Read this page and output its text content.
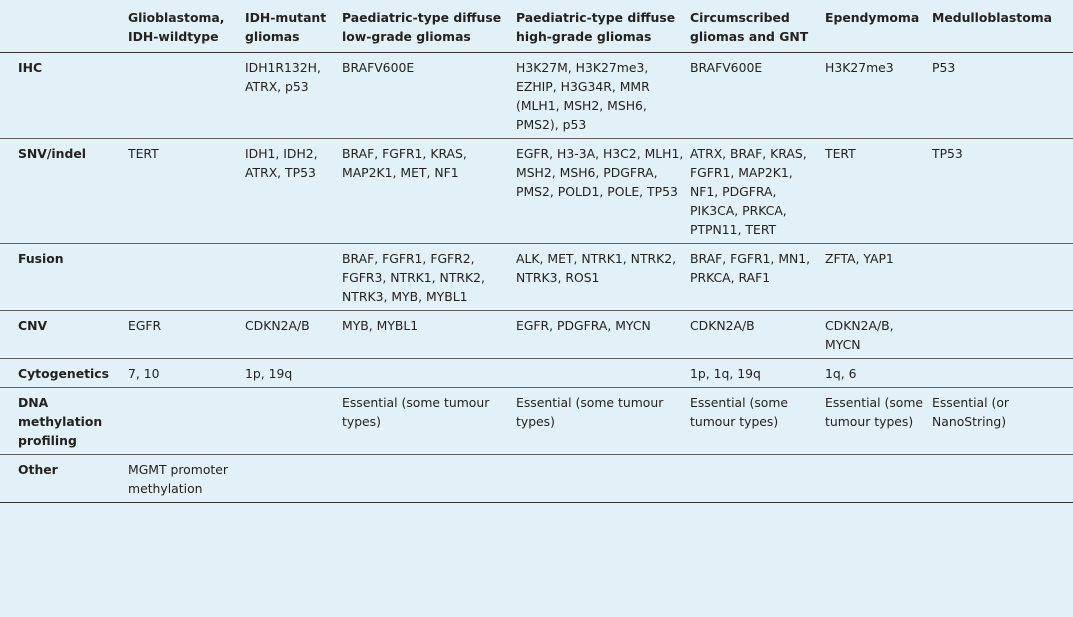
	Glioblastoma, IDH-wildtype	IDH-mutant gliomas	Paediatric-type diffuse low-grade gliomas	Paediatric-type diffuse high-grade gliomas	Circumscribed gliomas and GNT	Ependymoma	Medulloblastoma
IHC		IDH1R132H, ATRX, p53	BRAFV600E	H3K27M, H3K27me3, EZHIP, H3G34R, MMR (MLH1, MSH2, MSH6, PMS2), p53	BRAFV600E	H3K27me3	P53
SNV/indel	TERT	IDH1, IDH2, ATRX, TP53	BRAF, FGFR1, KRAS, MAP2K1, MET, NF1	EGFR, H3-3A, H3C2, MLH1, MSH2, MSH6, PDGFRA, PMS2, POLD1, POLE, TP53	ATRX, BRAF, KRAS, FGFR1, MAP2K1, NF1, PDGFRA, PIK3CA, PRKCA, PTPN11, TERT	TERT	TP53
Fusion			BRAF, FGFR1, FGFR2, FGFR3, NTRK1, NTRK2, NTRK3, MYB, MYBL1	ALK, MET, NTRK1, NTRK2, NTRK3, ROS1	BRAF, FGFR1, MN1, PRKCA, RAF1	ZFTA, YAP1	
CNV	EGFR	CDKN2A/B	MYB, MYBL1	EGFR, PDGFRA, MYCN	CDKN2A/B	CDKN2A/B, MYCN	
Cytogenetics	7, 10	1p, 19q			1p, 1q, 19q	1q, 6	
DNA methylation profiling			Essential (some tumour types)	Essential (some tumour types)	Essential (some tumour types)	Essential (some tumour types)	Essential (or NanoString)
Other	MGMT promoter methylation						
